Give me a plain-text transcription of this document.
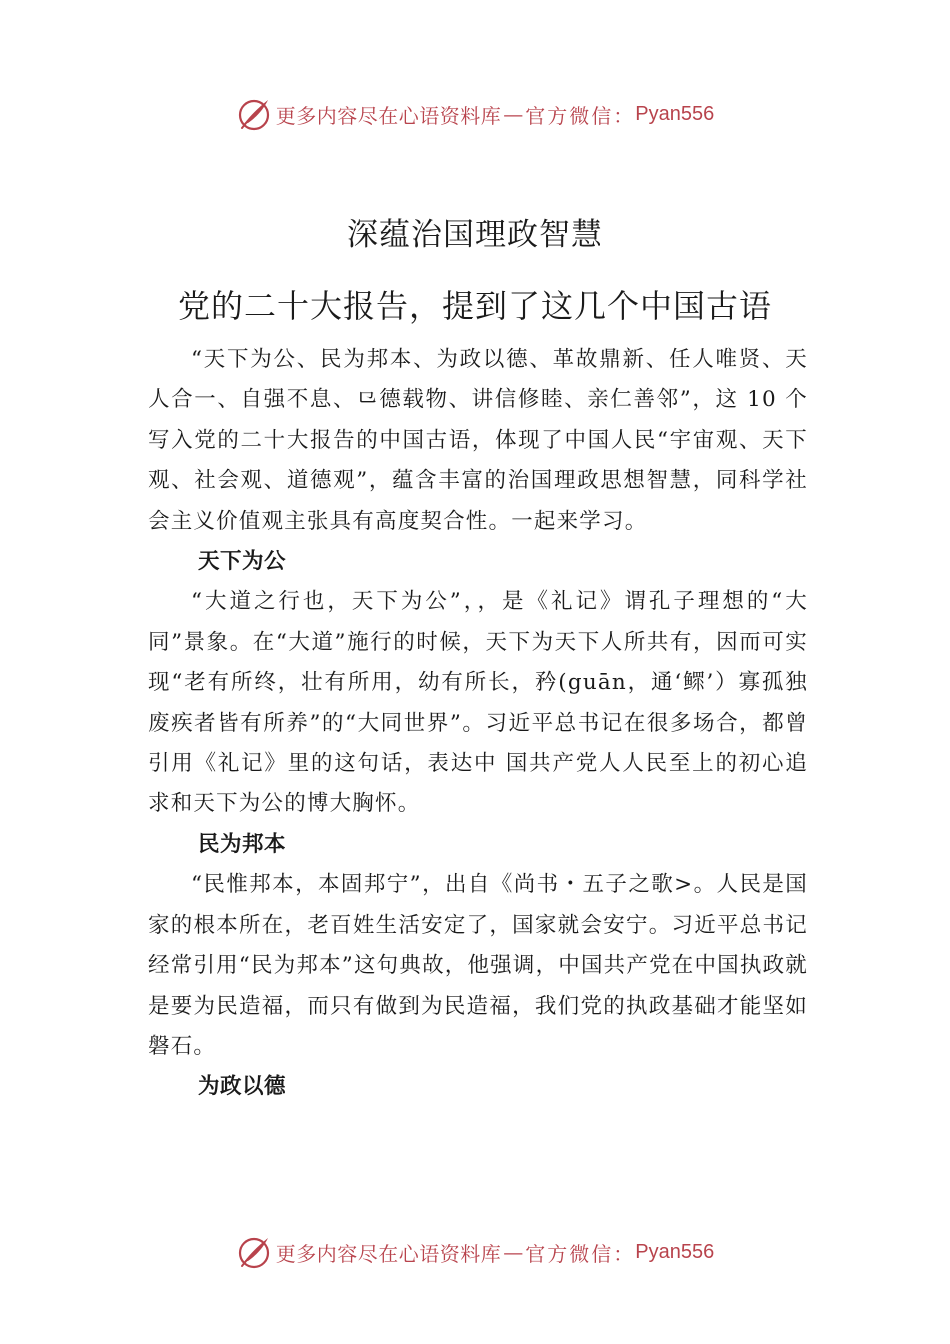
更多内容尽在心语资料库 — 官方微信： Pyan556
深蕴治国理政智慧
党的二十大报告，提到了这几个中国古语

“天下为公、民为邦本、为政以德、革故鼎新、任人唯贤、天人合一、自强不息、⺋德载物、讲信修睦、亲仁善邻”，这 10 个写入党的二十大报告的中国古语，体现了中国人民“宇宙观、天下观、社会观、道德观”，蕴含丰富的治国理政思想智慧，同科学社会主义价值观主张具有高度契合性。一起来学习。

天下为公

“大道之行也，天下为公”，，是《礼记》谓孔子理想的“大同”景象。在“大道”施行的时候，天下为天下人所共有，因而可实现“老有所终，壮有所用，幼有所长，矜(guān，通‘鳏’）寡孤独废疾者皆有所养”的“大同世界”。习近平总书记在很多场合，都曾引用《礼记》里的这句话，表达中 国共产党人人民至上的初心追求和天下为公的博大胸怀。

民为邦本

“民惟邦本，本固邦宁”，出自《尚书・五子之歌>。人民是国家的根本所在，老百姓生活安定了，国家就会安宁。习近平总书记经常引用“民为邦本”这句典故，他强调，中国共产党在中国执政就是要为民造福，而只有做到为民造福，我们党的执政基础才能坚如磐石。

为政以德

更多内容尽在心语资料库 — 官方微信： Pyan556
